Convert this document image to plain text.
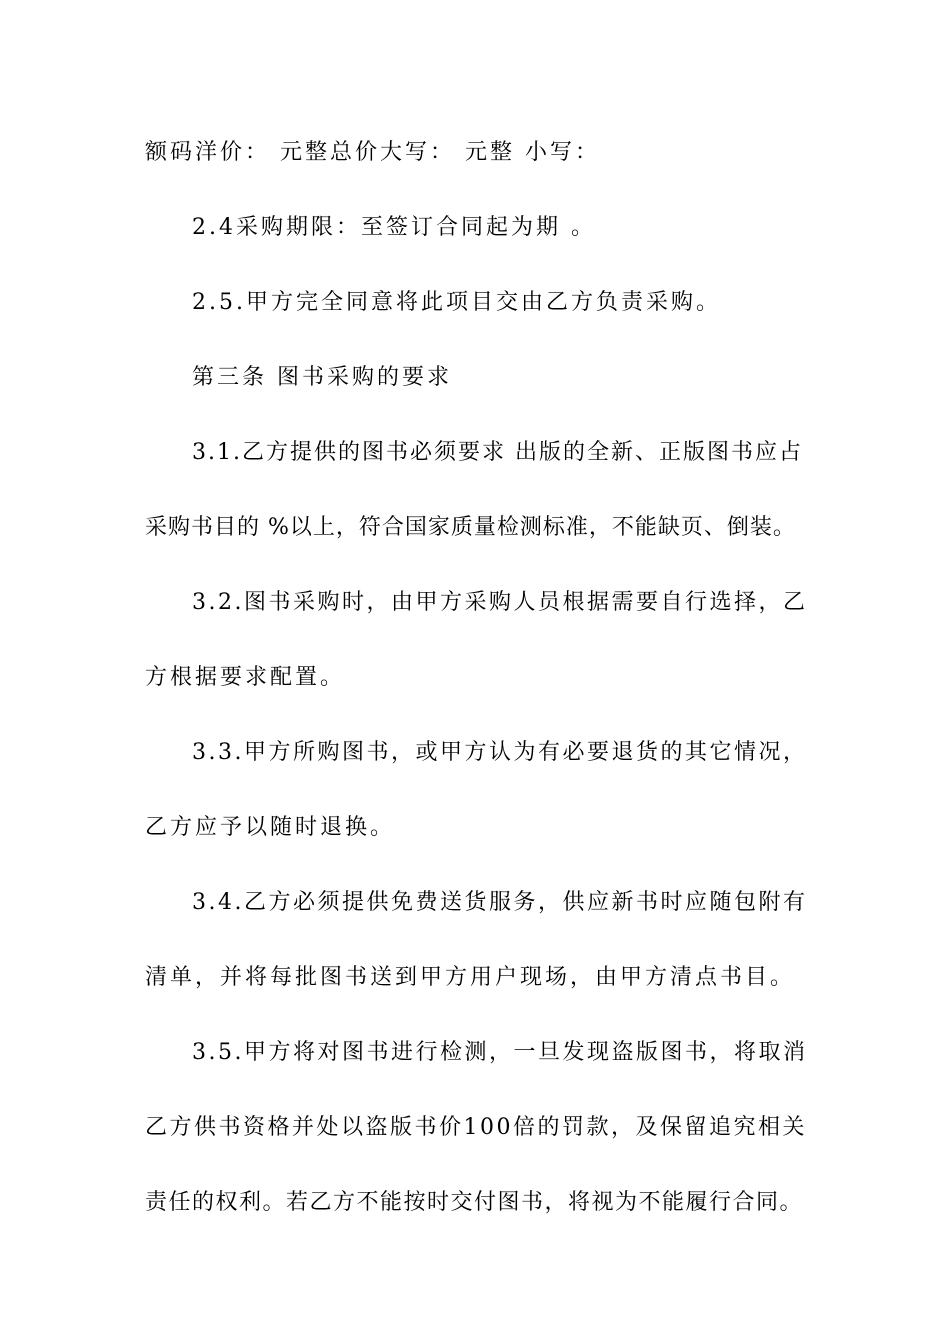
额码洋价： 元整总价大写： 元整 小写：
2.4采购期限：至签订合同起为期 。
2.5.甲方完全同意将此项目交由乙方负责采购。
第三条 图书采购的要求
3.1.乙方提供的图书必须要求 出版的全新、正版图书应占
采购书目的 %以上，符合国家质量检测标准，不能缺页、倒装。
3.2.图书采购时，由甲方采购人员根据需要自行选择，乙
方根据要求配置。
3.3.甲方所购图书，或甲方认为有必要退货的其它情况，
乙方应予以随时退换。
3.4.乙方必须提供免费送货服务，供应新书时应随包附有
清单，并将每批图书送到甲方用户现场，由甲方清点书目。
3.5.甲方将对图书进行检测，一旦发现盗版图书，将取消
乙方供书资格并处以盗版书价100倍的罚款，及保留追究相关
责任的权利。若乙方不能按时交付图书，将视为不能履行合同。
